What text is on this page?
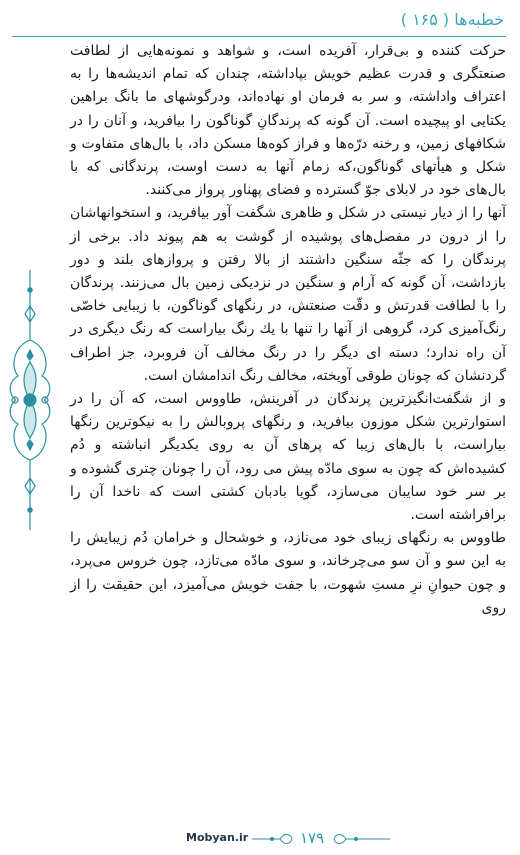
خطبه‌ها ( ۱۶۵ )

حرکت کننده و بی‌قرار، آفریده است، و شواهد و نمونه‌هایی از لطافت صنعتگری و قدرت عظیم خویش بپاداشته، چندان که تمام اندیشه‌ها را به اعتراف واداشته، و سر به فرمان او نهاده‌اند، ودرگوشهای ما بانگ براهین یکتایی او پیچیده است. آن گونه که پرندگانِ گوناگون را بیافرید، و آنان را در شکافهای زمین، و رخنه درّه‌ها و فراز کوه‌ها مسکن داد، با بال‌های متفاوت و شکل و هیأتهای گوناگون،که زمام آنها به دست اوست، پرندگانی که با بال‌های خود در لابلای جوّ گسترده و فضای پهناور پرواز می‌کنند.

آنها را از دیار نیستی در شکل و ظاهری شگفت آور بیافرید، و استخوانهاشان را از درون در مفصل‌های پوشیده از گوشت به هم پیوند داد. برخی از پرندگان را که جثّه سنگین داشتند از بالا رفتن و پروازهای بلند و دور بازداشت، آن گونه که آرام و سنگین در نزدیکی زمین بال می‌زنند. پرندگان را با لطافت قدرتش و دقّت صنعتش، در رنگهای گوناگون، با زیبایی خاصّی رنگ‌آمیزی کرد، گروهی از آنها را تنها با یك رنگ بیاراست که رنگ دیگری در آن راه ندارد؛ دسته ای دیگر را در رنگ مخالف آن فروبرد، جز اطراف گردنشان که چونان طوقی آویخته، مخالف رنگ اندامشان است.

و از شگفت‌انگیزترین پرندگان در آفرینش، طاووس است، که آن را در استوارترین شکل موزون بیافرید، و رنگهای پروبالش را به نیکوترین رنگها بیاراست، با بال‌های زیبا که پرهای آن به روی یکدیگر انباشته و دُم کشیده‌اش که چون به سوی مادّه پیش می رود، آن را چونان چتری گشوده و بر سر خود سایبان می‌سازد، گویا بادبان کشتی است که ناخدا آن را برافراشته است.

طاووس به رنگهای زیبای خود می‌نازد، و خوشحال و خرامان دُم زیبایش را به این سو و آن سو می‌چرخاند، و سوی مادّه می‌تازد، چون خروس می‌پرد، و چون حیوانِ نرِ مستِ شهوت، با جفت خویش می‌آمیزد، این حقیقت را از روی

Mobyan.ir	۱۷۹
